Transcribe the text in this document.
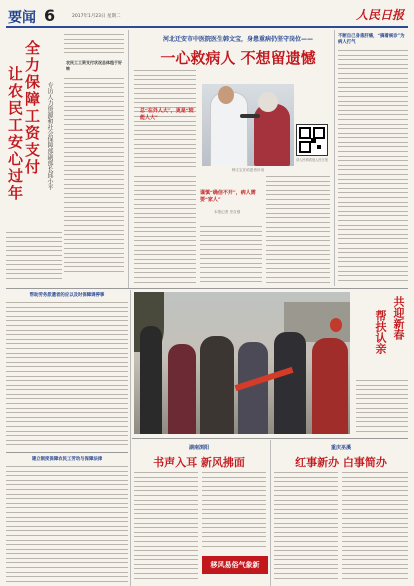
要闻 6	2017年1月23日 星期二	人民日报
全力保障工资支付
让农民工安心过年	专访人力资源和社会保障部副部长邱小平
农民工工资支付状况总体趋于好转
河北迁安市中医院医生韩文宝，身患重病仍坚守岗位——
一心救病人 不想留遗憾
韩文宝在给患者诊治
总“在外人大”，更是“较能人大”
谨慎“确信不开”，病人需要“家人”
本报记者 史自强
请人民网看他人民日报
不断自己身患肝癌，“搞着候诊”为病人打气
帮助劳务派遣者的应以及时保障调停事
共迎新春
帮扶认亲
湖南浏阳
书声入耳 新风拂面
重庆巫溪
红事新办 白事简办
建立制度保障农民工劳动与保障法律
移风易俗气象新
